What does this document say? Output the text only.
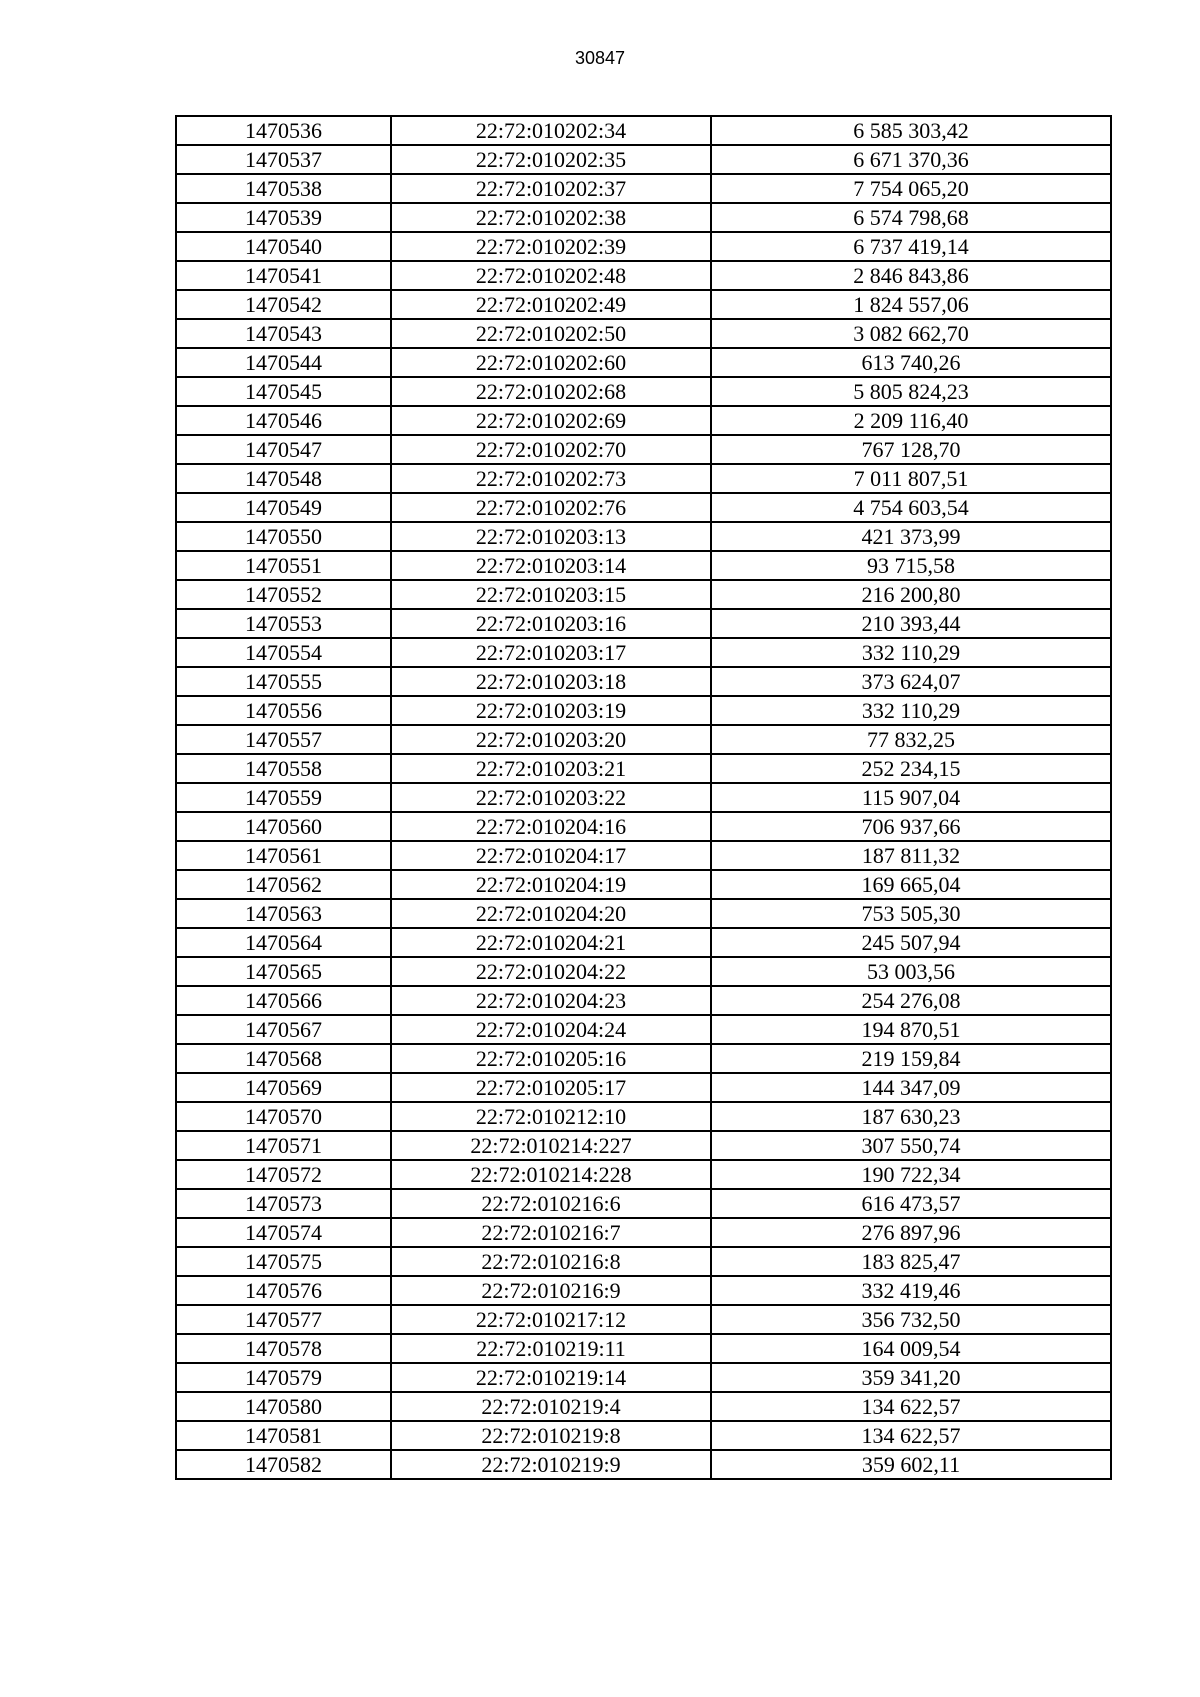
30847
1470536	22:72:010202:34	6 585 303,42
1470537	22:72:010202:35	6 671 370,36
1470538	22:72:010202:37	7 754 065,20
1470539	22:72:010202:38	6 574 798,68
1470540	22:72:010202:39	6 737 419,14
1470541	22:72:010202:48	2 846 843,86
1470542	22:72:010202:49	1 824 557,06
1470543	22:72:010202:50	3 082 662,70
1470544	22:72:010202:60	613 740,26
1470545	22:72:010202:68	5 805 824,23
1470546	22:72:010202:69	2 209 116,40
1470547	22:72:010202:70	767 128,70
1470548	22:72:010202:73	7 011 807,51
1470549	22:72:010202:76	4 754 603,54
1470550	22:72:010203:13	421 373,99
1470551	22:72:010203:14	93 715,58
1470552	22:72:010203:15	216 200,80
1470553	22:72:010203:16	210 393,44
1470554	22:72:010203:17	332 110,29
1470555	22:72:010203:18	373 624,07
1470556	22:72:010203:19	332 110,29
1470557	22:72:010203:20	77 832,25
1470558	22:72:010203:21	252 234,15
1470559	22:72:010203:22	115 907,04
1470560	22:72:010204:16	706 937,66
1470561	22:72:010204:17	187 811,32
1470562	22:72:010204:19	169 665,04
1470563	22:72:010204:20	753 505,30
1470564	22:72:010204:21	245 507,94
1470565	22:72:010204:22	53 003,56
1470566	22:72:010204:23	254 276,08
1470567	22:72:010204:24	194 870,51
1470568	22:72:010205:16	219 159,84
1470569	22:72:010205:17	144 347,09
1470570	22:72:010212:10	187 630,23
1470571	22:72:010214:227	307 550,74
1470572	22:72:010214:228	190 722,34
1470573	22:72:010216:6	616 473,57
1470574	22:72:010216:7	276 897,96
1470575	22:72:010216:8	183 825,47
1470576	22:72:010216:9	332 419,46
1470577	22:72:010217:12	356 732,50
1470578	22:72:010219:11	164 009,54
1470579	22:72:010219:14	359 341,20
1470580	22:72:010219:4	134 622,57
1470581	22:72:010219:8	134 622,57
1470582	22:72:010219:9	359 602,11
